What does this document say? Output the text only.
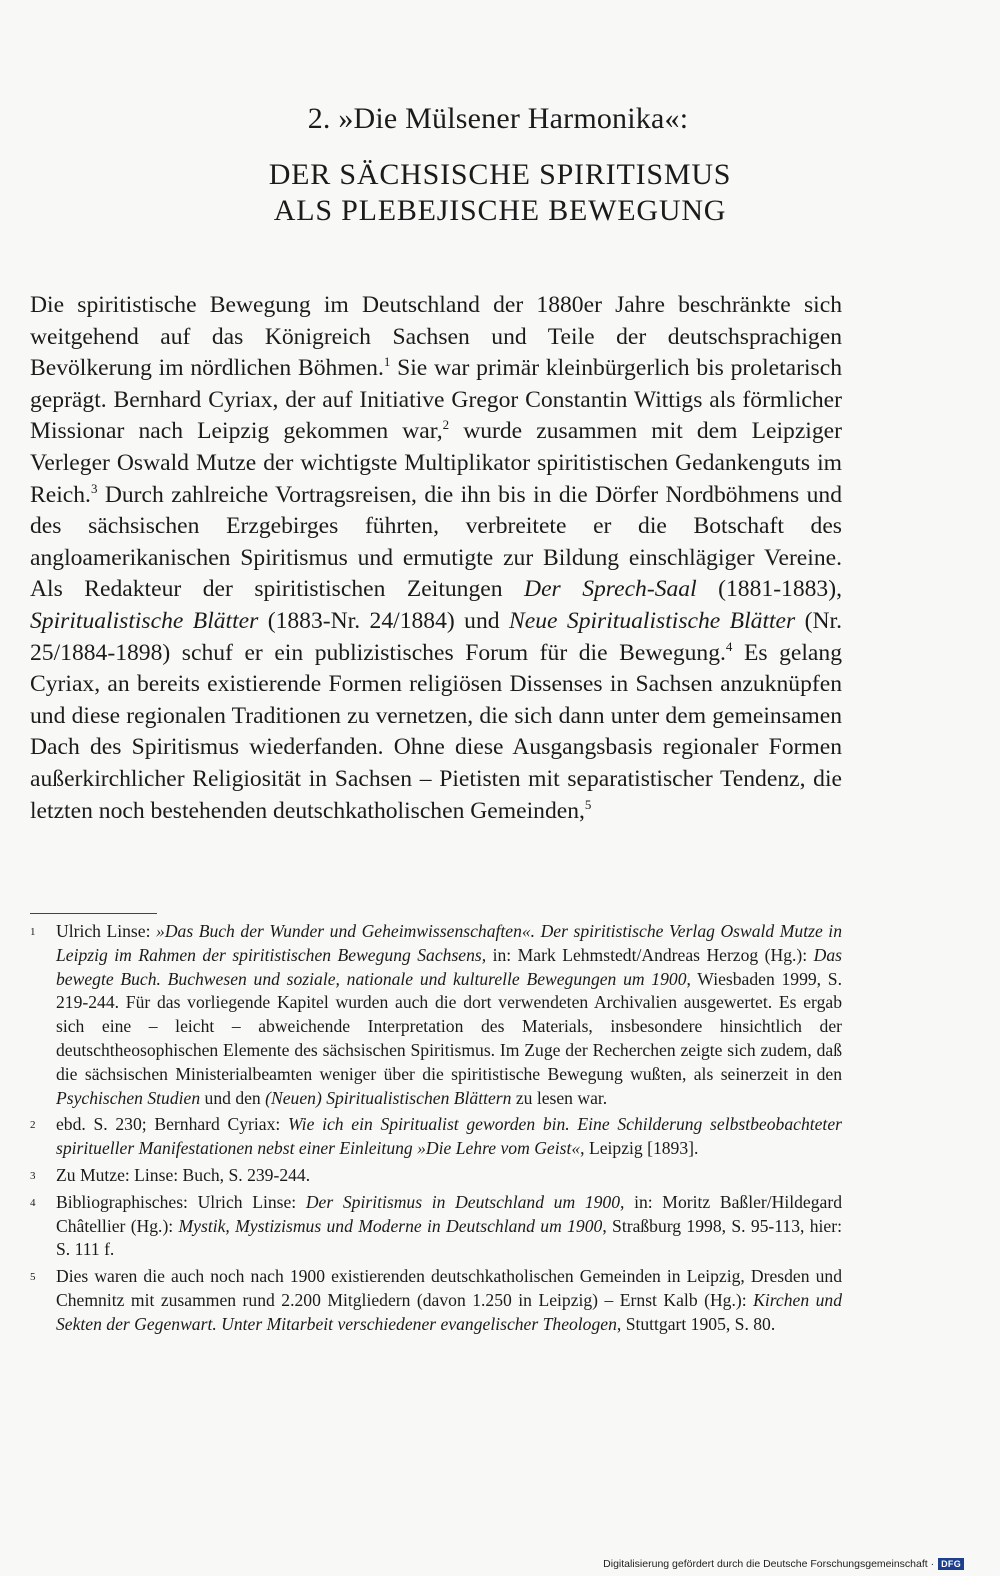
2. »Die Mülsener Harmonika«:
DER SÄCHSISCHE SPIRITISMUS
ALS PLEBEJISCHE BEWEGUNG

Die spiritistische Bewegung im Deutschland der 1880er Jahre beschränkte sich weitgehend auf das Königreich Sachsen und Teile der deutschsprachigen Bevölkerung im nördlichen Böhmen.$^1$ Sie war primär kleinbürgerlich bis proletarisch geprägt. Bernhard Cyriax, der auf Initiative Gregor Constantin Wittigs als förmlicher Missionar nach Leipzig gekommen war,$^2$ wurde zusammen mit dem Leipziger Verleger Oswald Mutze der wichtigste Multiplikator spiritistischen Gedankenguts im Reich.$^3$ Durch zahlreiche Vortragsreisen, die ihn bis in die Dörfer Nordböhmens und des sächsischen Erzgebirges führten, verbreitete er die Botschaft des angloamerikanischen Spiritismus und ermutigte zur Bildung einschlägiger Vereine. Als Redakteur der spiritistischen Zeitungen Der Sprech-Saal (1881-1883), Spiritualistische Blätter (1883-Nr. 24/1884) und Neue Spiritualistische Blätter (Nr. 25/1884-1898) schuf er ein publizistisches Forum für die Bewegung.$^4$ Es gelang Cyriax, an bereits existierende Formen religiösen Dissenses in Sachsen anzuknüpfen und diese regionalen Traditionen zu vernetzen, die sich dann unter dem gemeinsamen Dach des Spiritismus wiederfanden. Ohne diese Ausgangsbasis regionaler Formen außerkirchlicher Religiosität in Sachsen – Pietisten mit separatistischer Tendenz, die letzten noch bestehenden deutschkatholischen Gemeinden,$^5$

1	Ulrich Linse: »Das Buch der Wunder und Geheimwissenschaften«. Der spiritistische Verlag Oswald Mutze in Leipzig im Rahmen der spiritistischen Bewegung Sachsens, in: Mark Lehmstedt/Andreas Herzog (Hg.): Das bewegte Buch. Buchwesen und soziale, nationale und kulturelle Bewegungen um 1900, Wiesbaden 1999, S. 219-244. Für das vorliegende Kapitel wurden auch die dort verwendeten Archivalien ausgewertet. Es ergab sich eine – leicht – abweichende Interpretation des Materials, insbesondere hinsichtlich der deutschtheosophischen Elemente des sächsischen Spiritismus. Im Zuge der Recherchen zeigte sich zudem, daß die sächsischen Ministerialbeamten weniger über die spiritistische Bewegung wußten, als seinerzeit in den Psychischen Studien und den (Neuen) Spiritualistischen Blättern zu lesen war.
2	ebd. S. 230; Bernhard Cyriax: Wie ich ein Spiritualist geworden bin. Eine Schilderung selbstbeobachteter spiritueller Manifestationen nebst einer Einleitung »Die Lehre vom Geist«, Leipzig [1893].
3	Zu Mutze: Linse: Buch, S. 239-244.
4	Bibliographisches: Ulrich Linse: Der Spiritismus in Deutschland um 1900, in: Moritz Baßler/Hildegard Châtellier (Hg.): Mystik, Mystizismus und Moderne in Deutschland um 1900, Straßburg 1998, S. 95-113, hier: S. 111 f.
5	Dies waren die auch noch nach 1900 existierenden deutschkatholischen Gemeinden in Leipzig, Dresden und Chemnitz mit zusammen rund 2.200 Mitgliedern (davon 1.250 in Leipzig) – Ernst Kalb (Hg.): Kirchen und Sekten der Gegenwart. Unter Mitarbeit verschiedener evangelischer Theologen, Stuttgart 1905, S. 80.
Digitalisierung gefördert durch die Deutsche Forschungsgemeinschaft · DFG
